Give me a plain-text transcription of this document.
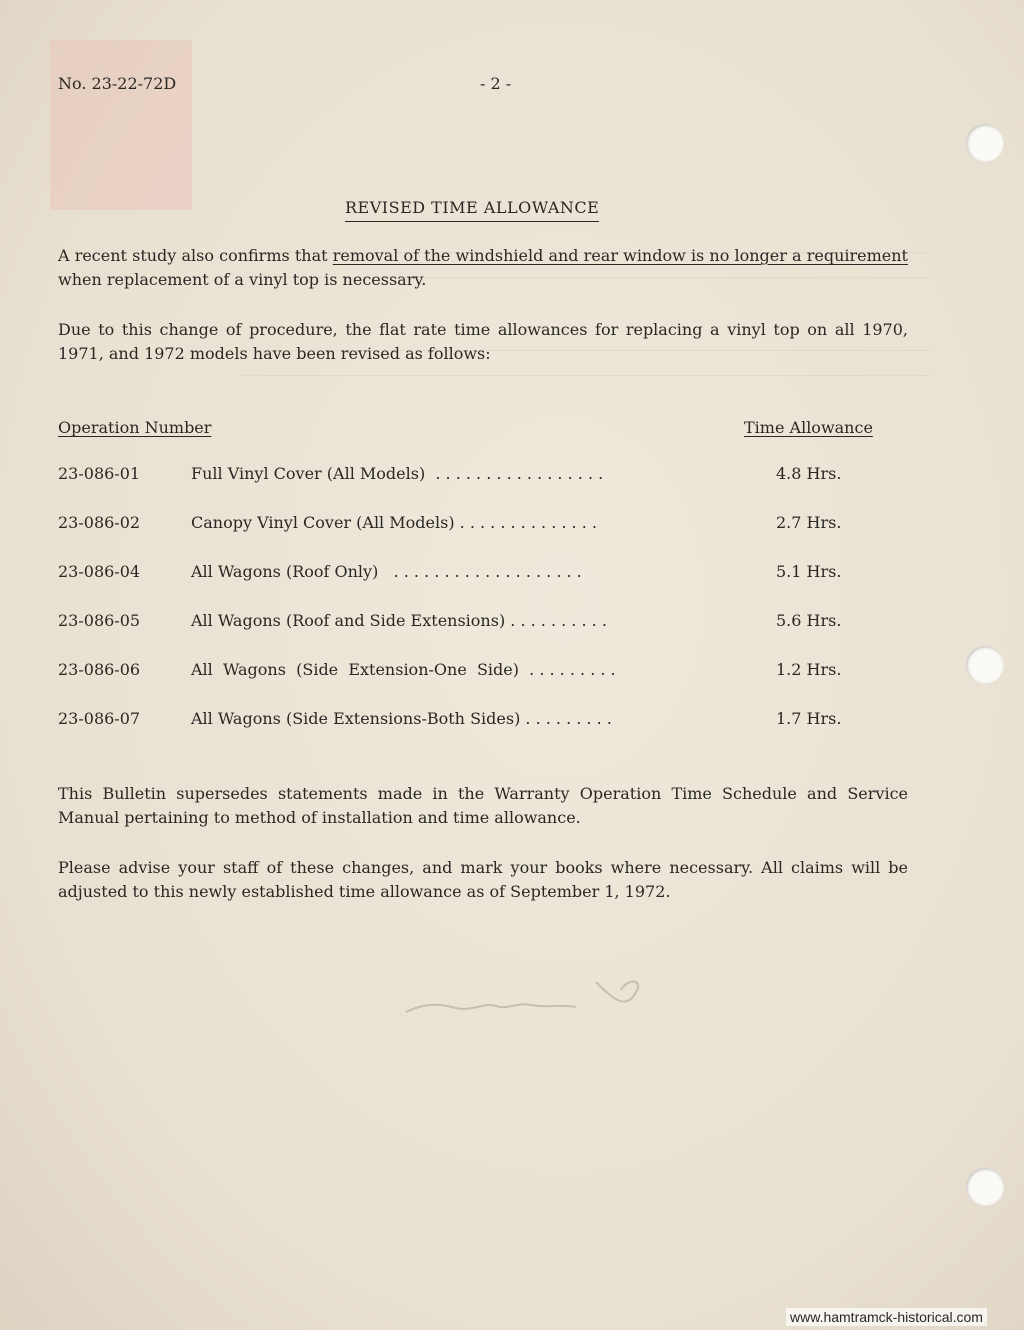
No. 23-22-72D	- 2 -
REVISED TIME ALLOWANCE
A recent study also confirms that removal of the windshield and rear window is no longer a requirement when replacement of a vinyl top is necessary.
Due to this change of procedure, the flat rate time allowances for replacing a vinyl top on all 1970, 1971, and 1972 models have been revised as follows:
Operation Number	Time Allowance
23-086-01	Full Vinyl Cover (All Models)  . . . . . . . . . . . . . . . . .	4.8 Hrs.
23-086-02	Canopy Vinyl Cover (All Models) . . . . . . . . . . . . . .	2.7 Hrs.
23-086-04	All Wagons (Roof Only)   . . . . . . . . . . . . . . . . . . .	5.1 Hrs.
23-086-05	All Wagons (Roof and Side Extensions) . . . . . . . . . .	5.6 Hrs.
23-086-06	All  Wagons  (Side  Extension-One  Side)  . . . . . . . . .	1.2 Hrs.
23-086-07	All Wagons (Side Extensions-Both Sides) . . . . . . . . .	1.7 Hrs.
This Bulletin supersedes statements made in the Warranty Operation Time Schedule and Service Manual pertaining to method of installation and time allowance.
Please advise your staff of these changes, and mark your books where necessary. All claims will be adjusted to this newly established time allowance as of September 1, 1972.
www.hamtramck-historical.com
